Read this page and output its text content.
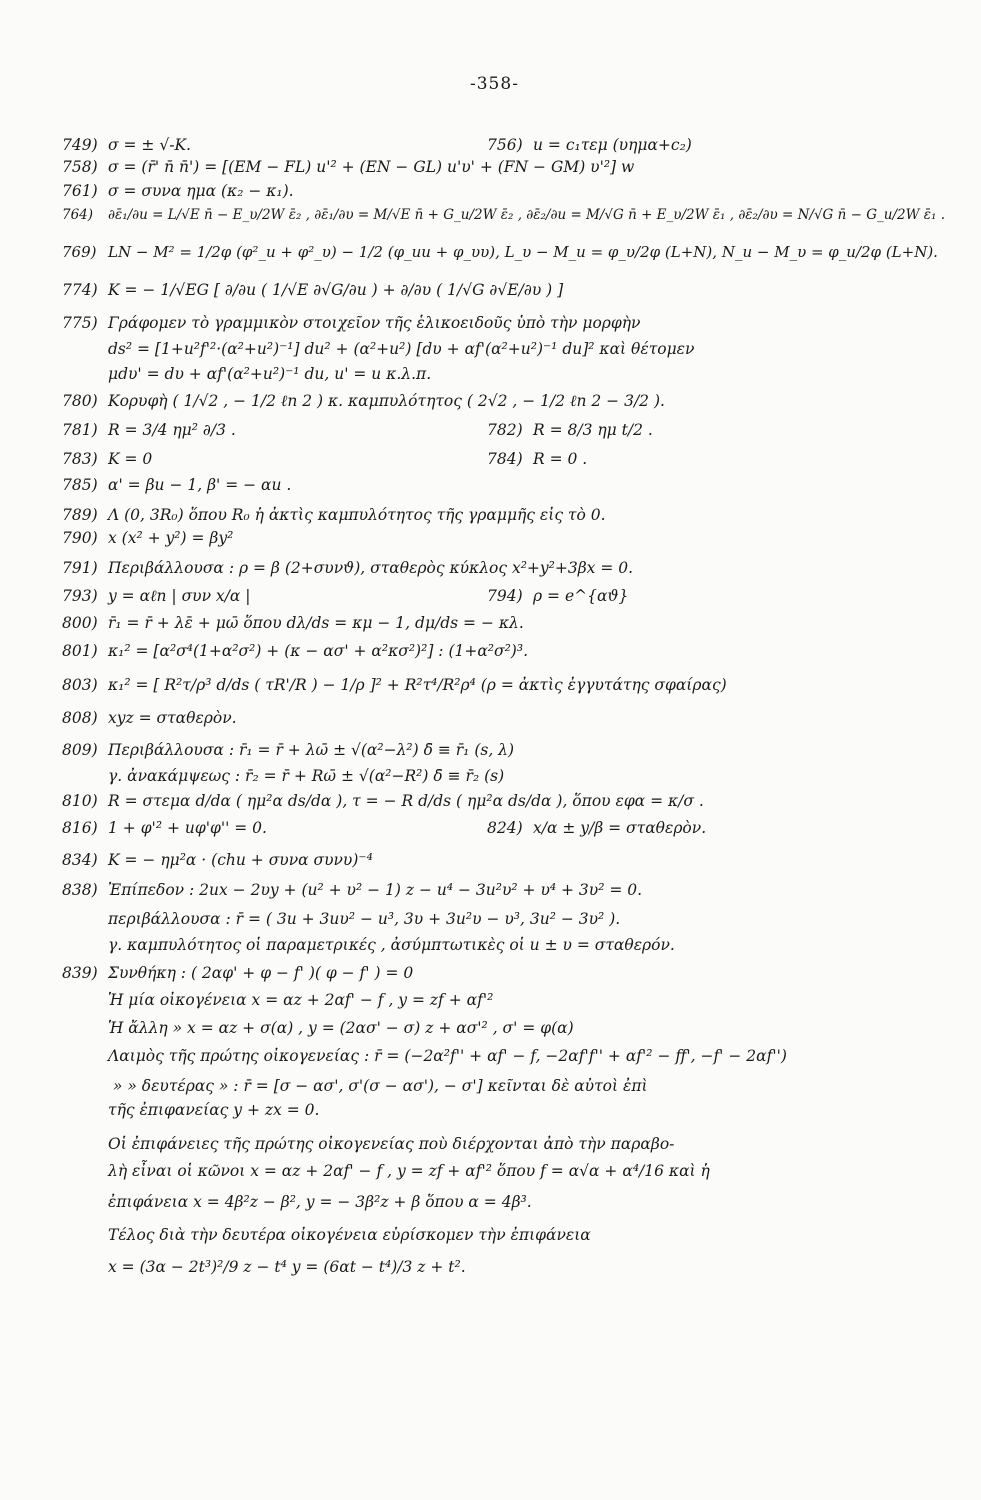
-358-
749) σ = ± √-K.	756) u = c₁τεμ (υημα+c₂)
758) σ = (r̄' n̄ n̄') = [(EM − FL) u'² + (EN − GL) u'υ' + (FN − GM) υ'²] w
761) σ = συνα ημα (κ₂ − κ₁).
764) ∂ε̄₁/∂u = L/√E n̄ − E_υ/2W ε̄₂ , ∂ε̄₁/∂υ = M/√E n̄ + G_u/2W ε̄₂ , ∂ε̄₂/∂u = M/√G n̄ + E_υ/2W ε̄₁ , ∂ε̄₂/∂υ = N/√G n̄ − G_u/2W ε̄₁ .
769) LN − M² = 1/2φ (φ²_u + φ²_υ) − 1/2 (φ_uu + φ_υυ), L_υ − M_u = φ_υ/2φ (L+N), N_u − M_υ = φ_u/2φ (L+N).
774) K = − 1/√EG [ ∂/∂u ( 1/√E ∂√G/∂u ) + ∂/∂υ ( 1/√G ∂√E/∂υ ) ]
775) Γράφομεν τὸ γραμμικὸν στοιχεῖον τῆς ἑλικοειδοῦς ὑπὸ τὴν μορφὴν
ds² = [1+u²f'²·(α²+u²)⁻¹] du² + (α²+u²) [dυ + αf'(α²+u²)⁻¹ du]² καὶ θέτομεν
μdυ' = dυ + αf'(α²+u²)⁻¹ du, u' = u κ.λ.π.
780) Κορυφὴ ( 1/√2 , − 1/2 ℓn 2 ) κ. καμπυλότητος ( 2√2 , − 1/2 ℓn 2 − 3/2 ).
781) R = 3/4 ημ² ∂/3 .	782) R = 8/3 ημ t/2 .
783) K = 0	784) R = 0 .
785) α' = βu − 1, β' = − αu .
789) Λ (0, 3R₀) ὅπου R₀ ἡ ἀκτὶς καμπυλότητος τῆς γραμμῆς εἰς τὸ 0.
790) x (x² + y²) = βy²
791) Περιβάλλουσα : ρ = β (2+συνϑ), σταθερὸς κύκλος x²+y²+3βx = 0.
793) y = αℓn | συν x/α |	794) ρ = e^{αϑ}
800) r̄₁ = r̄ + λε̄ + μω̄ ὅπου dλ/ds = κμ − 1, dμ/ds = − κλ.
801) κ₁² = [α²σ⁴(1+α²σ²) + (κ − ασ' + α²κσ²)²] : (1+α²σ²)³.
803) κ₁² = [ R²τ/ρ³ d/ds ( τR'/R ) − 1/ρ ]² + R²τ⁴/R²ρ⁴ (ρ = ἀκτὶς ἐγγυτάτης σφαίρας)
808) xyz = σταθερὸν.
809) Περιβάλλουσα : r̄₁ = r̄ + λω̄ ± √(α²−λ²) δ̄ ≡ r̄₁ (s, λ)
γ. ἀνακάμψεως : r̄₂ = r̄ + Rω̄ ± √(α²−R²) δ̄ ≡ r̄₂ (s)
810) R = στεμα d/dα ( ημ²α ds/dα ), τ = − R d/ds ( ημ²α ds/dα ), ὅπου εφα = κ/σ .
816) 1 + φ'² + uφ'φ'' = 0.	824) x/α ± y/β = σταθερὸν.
834) K = − ημ²α · (chu + συνα συνυ)⁻⁴
838) Ἐπίπεδον : 2ux − 2υy + (u² + υ² − 1) z − u⁴ − 3u²υ² + υ⁴ + 3υ² = 0.
περιβάλλουσα : r̄ = ( 3u + 3uυ² − u³, 3υ + 3u²υ − υ³, 3u² − 3υ² ).
γ. καμπυλότητος οἱ παραμετρικές , ἀσύμπτωτικὲς οἱ u ± υ = σταθερόν.
839) Συνθήκη : ( 2αφ' + φ − f' )( φ − f' ) = 0
Ἡ μία οἰκογένεια x = αz + 2αf' − f , y = zf + αf'²
Ἡ ἄλλη » x = αz + σ(α) , y = (2ασ' − σ) z + ασ'² , σ' = φ(α)
Λαιμὸς τῆς πρώτης οἰκογενείας : r̄ = (−2α²f'' + αf' − f, −2αf'f'' + αf'² − ff', −f' − 2αf'')
» » δευτέρας » : r̄ = [σ − ασ', σ'(σ − ασ'), − σ'] κεῖνται δὲ αὐτοὶ ἐπὶ
τῆς ἐπιφανείας y + zx = 0.
Οἱ ἐπιφάνειες τῆς πρώτης οἰκογενείας ποὺ διέρχονται ἀπὸ τὴν παραβο-
λὴ εἶναι οἱ κῶνοι x = αz + 2αf' − f , y = zf + αf'² ὅπου f = α√α + α⁴/16 καὶ ἡ
ἐπιφάνεια x = 4β²z − β², y = − 3β²z + β ὅπου α = 4β³.
Τέλος διὰ τὴν δευτέρα οἰκογένεια εὑρίσκομεν τὴν ἐπιφάνεια
x = (3α − 2t³)²/9 z − t⁴ y = (6αt − t⁴)/3 z + t².
